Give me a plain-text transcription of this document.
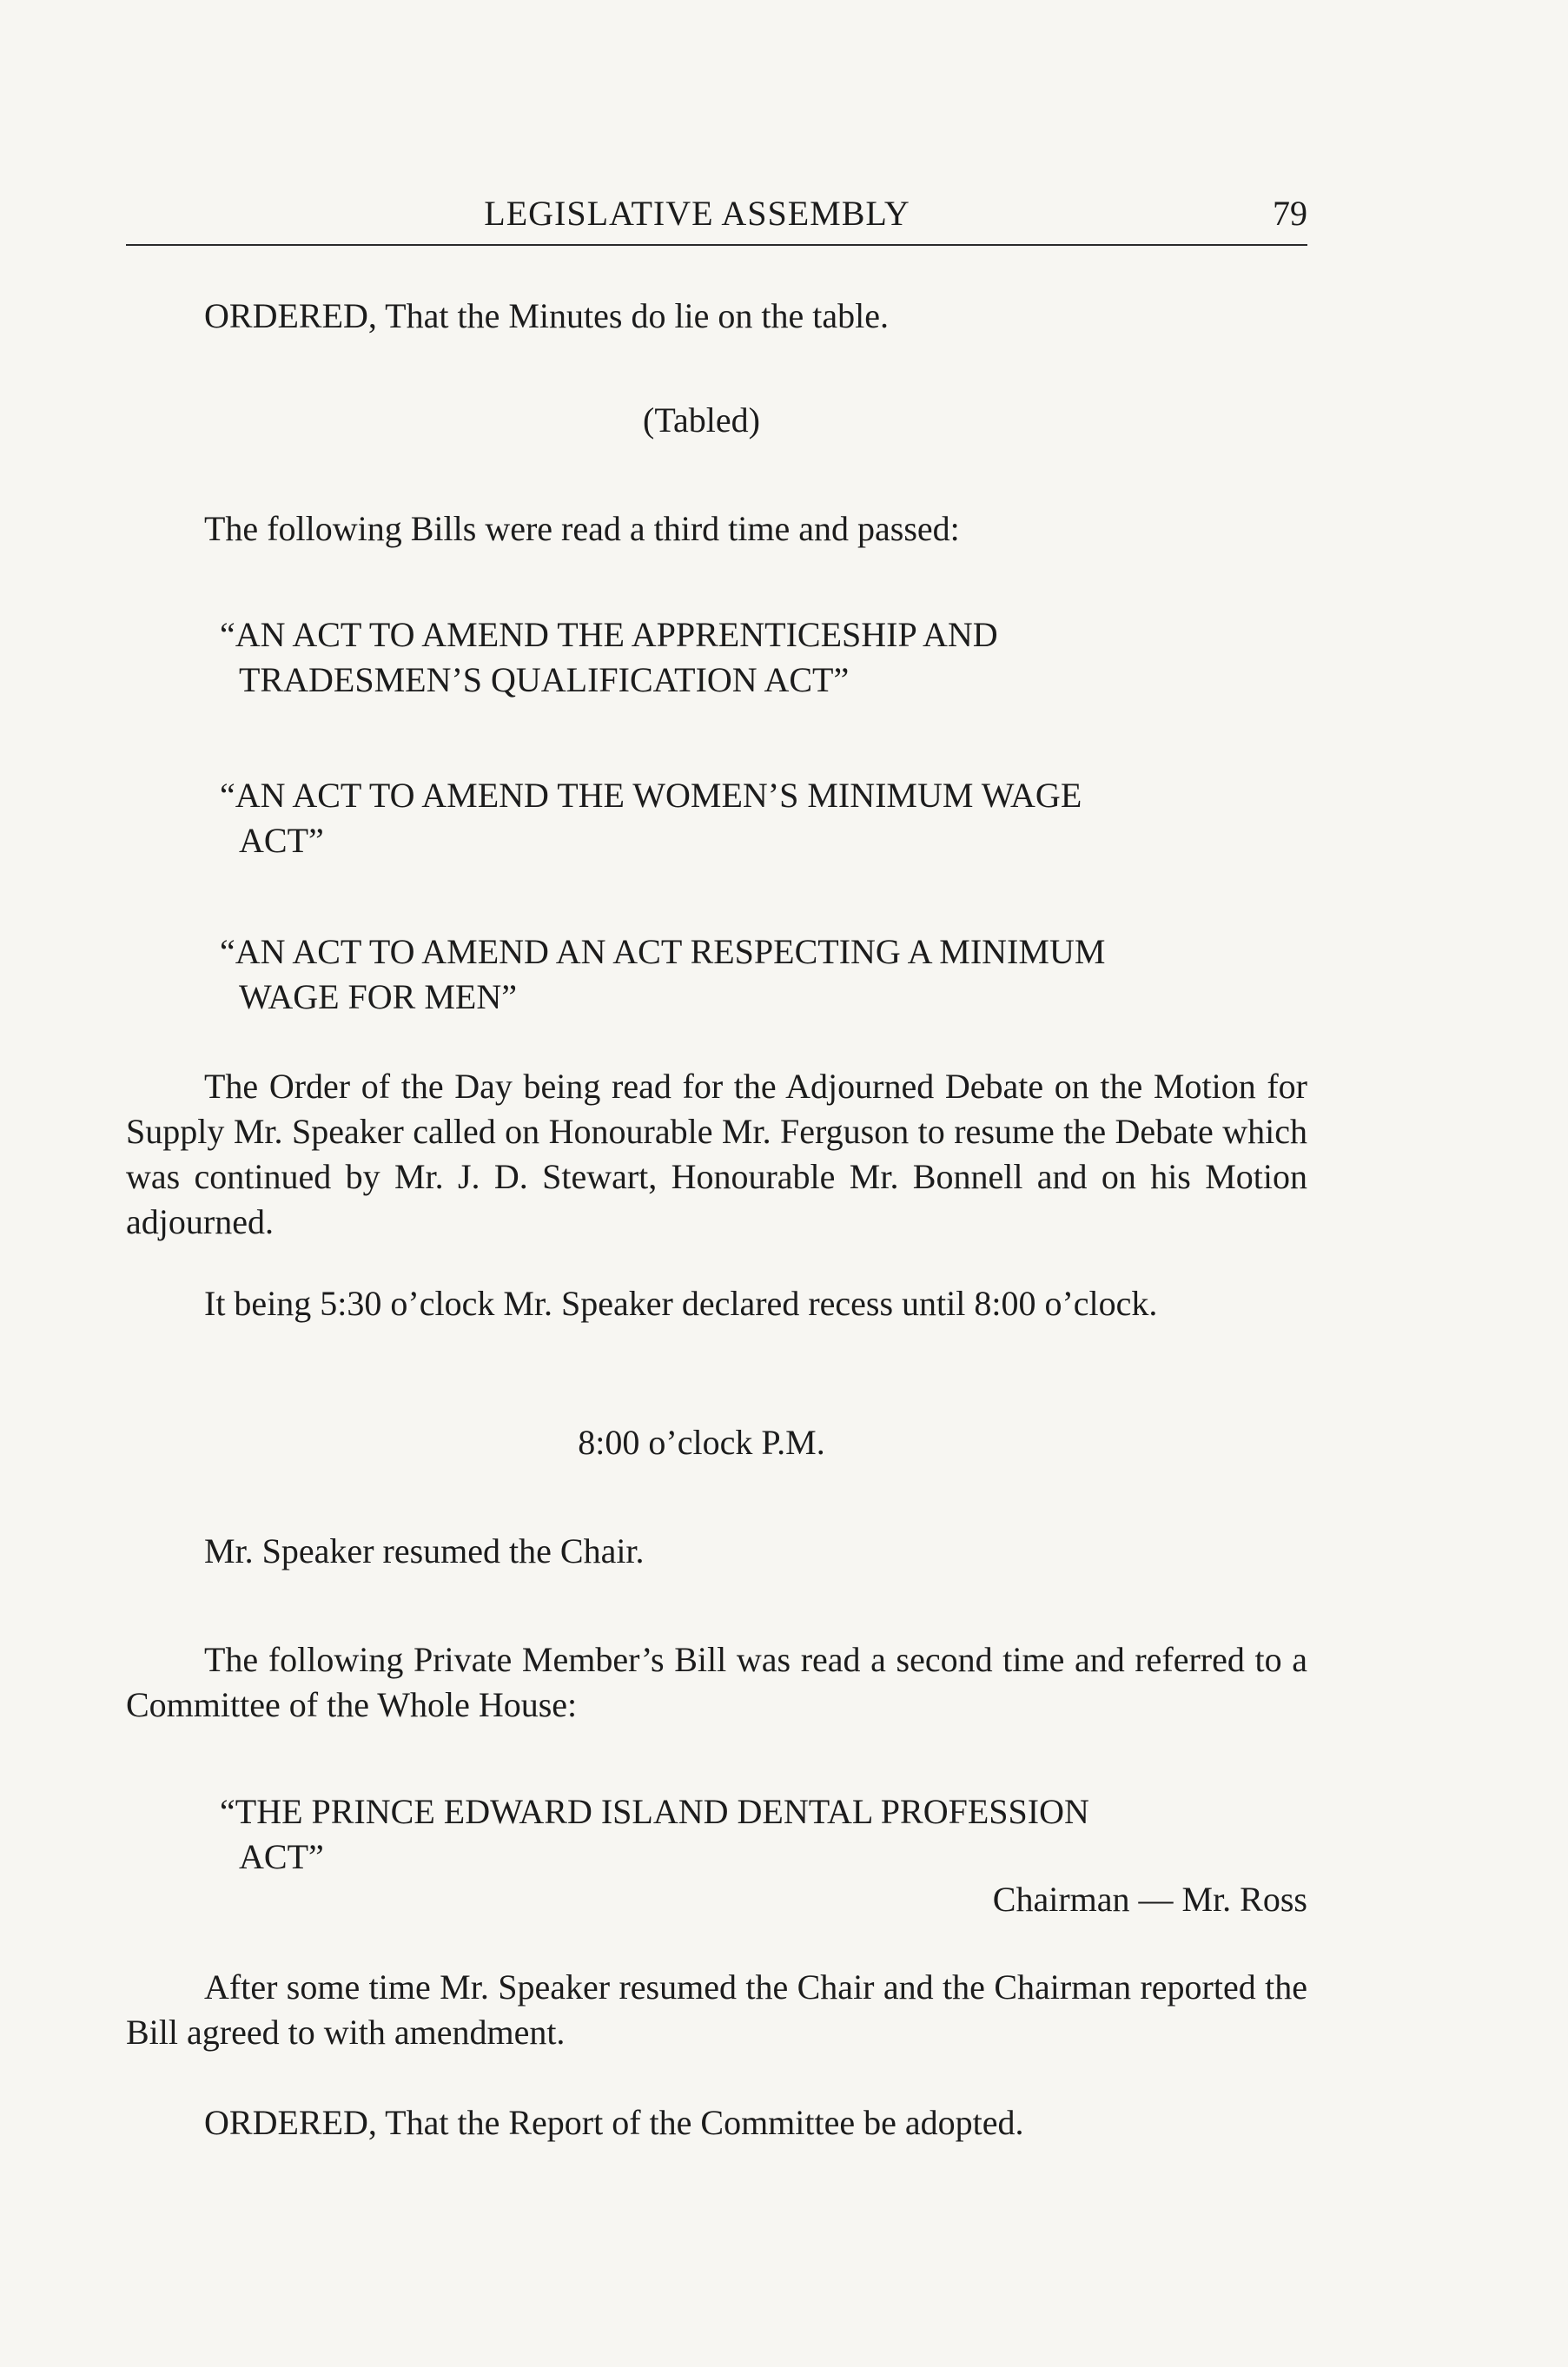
LEGISLATIVE ASSEMBLY	79

ORDERED, That the Minutes do lie on the table.

(Tabled)

The following Bills were read a third time and passed:

“AN ACT TO AMEND THE APPRENTICESHIP AND
TRADESMEN’S QUALIFICATION ACT”
“AN ACT TO AMEND THE WOMEN’S MINIMUM WAGE
ACT”
“AN ACT TO AMEND AN ACT RESPECTING A MINIMUM
WAGE FOR MEN”

The Order of the Day being read for the Adjourned Debate on the Motion for Supply Mr. Speaker called on Honourable Mr. Ferguson to resume the Debate which was continued by Mr. J. D. Stewart, Honourable Mr. Bonnell and on his Motion adjourned.

It being 5:30 o’clock Mr. Speaker declared recess until 8:00 o’clock.

8:00 o’clock P.M.

Mr. Speaker resumed the Chair.

The following Private Member’s Bill was read a second time and referred to a Committee of the Whole House:

“THE PRINCE EDWARD ISLAND DENTAL PROFESSION
ACT”
Chairman — Mr. Ross

After some time Mr. Speaker resumed the Chair and the Chairman reported the Bill agreed to with amendment.

ORDERED, That the Report of the Committee be adopted.
